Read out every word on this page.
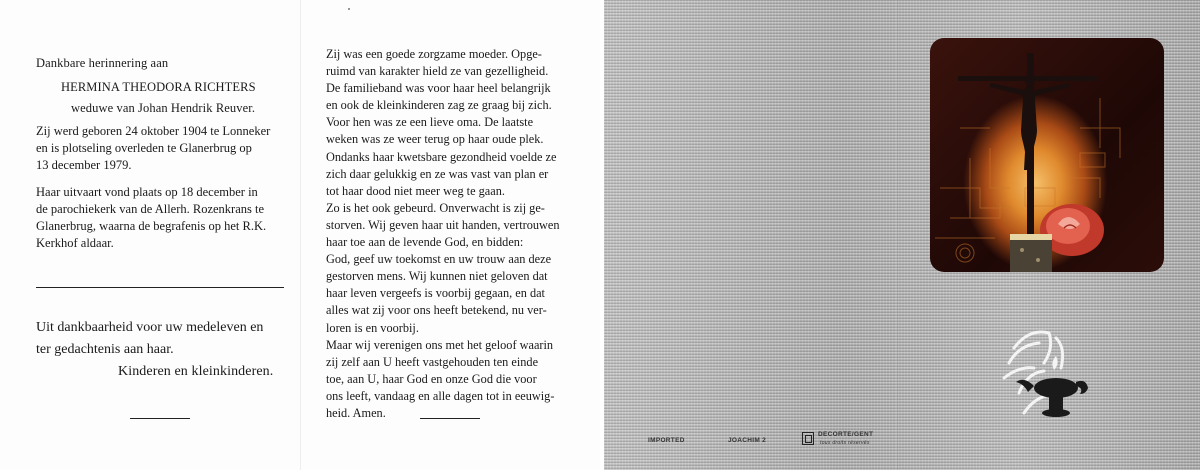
Dankbare herinnering aan
HERMINA THEODORA RICHTERS
weduwe van Johan Hendrik Reuver.
Zij werd geboren 24 oktober 1904 te Lonneker
en is plotseling overleden te Glanerbrug op
13 december 1979.
Haar uitvaart vond plaats op 18 december in
de parochiekerk van de Allerh. Rozenkrans te
Glanerbrug, waarna de begrafenis op het R.K.
Kerkhof aldaar.
Uit dankbaarheid voor uw medeleven en
ter gedachtenis aan haar.
Kinderen en kleinkinderen.
Zij was een goede zorgzame moeder. Opge-
ruimd van karakter hield ze van gezelligheid.
De familieband was voor haar heel belangrijk
en ook de kleinkinderen zag ze graag bij zich.
Voor hen was ze een lieve oma. De laatste
weken was ze weer terug op haar oude plek.
Ondanks haar kwetsbare gezondheid voelde ze
zich daar gelukkig en ze was vast van plan er
tot haar dood niet meer weg te gaan.
Zo is het ook gebeurd. Onverwacht is zij ge-
storven. Wij geven haar uit handen, vertrouwen
haar toe aan de levende God, en bidden:
God, geef uw toekomst en uw trouw aan deze
gestorven mens. Wij kunnen niet geloven dat
haar leven vergeefs is voorbij gegaan, en dat
alles wat zij voor ons heeft betekend, nu ver-
loren is en voorbij.
Maar wij verenigen ons met het geloof waarin
zij zelf aan U heeft vastgehouden ten einde
toe, aan U, haar God en onze God die voor
ons leeft, vandaag en alle dagen tot in eeuwig-
heid. Amen.
IMPORTED	JOACHIM 2
DECORTE/GENT
tous droits réservés
